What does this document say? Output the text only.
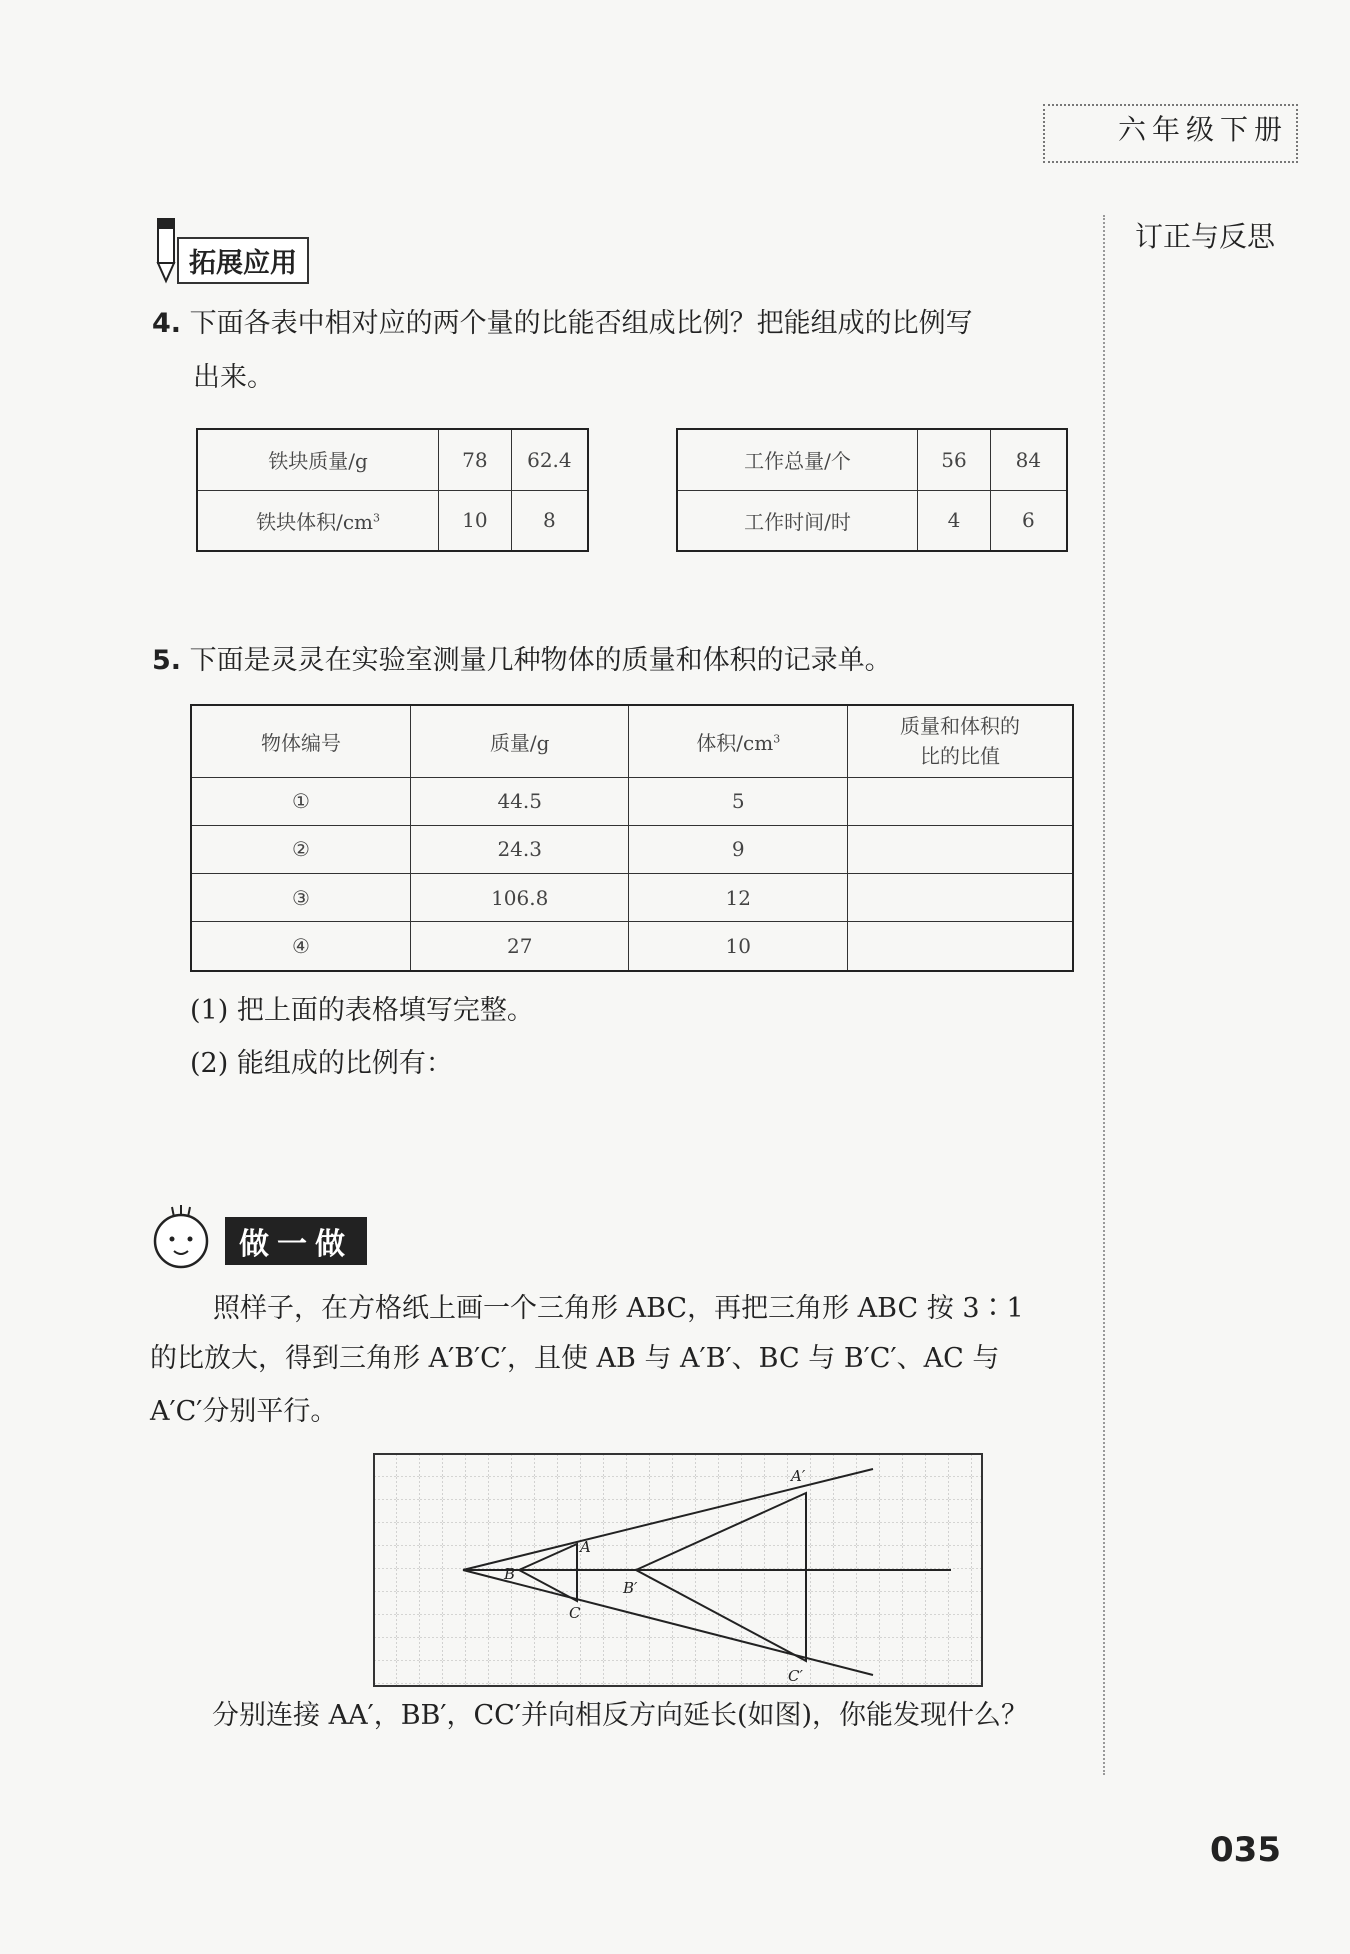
六年级下册
订正与反思
拓展应用
4. 下面各表中相对应的两个量的比能否组成比例？把能组成的比例写
出来。
铁块质量/g	78	62.4
铁块体积$/cm^3$	10	8
工作总量/个	56	84
工作时间/时	4	6
5. 下面是灵灵在实验室测量几种物体的质量和体积的记录单。
物体编号	质量/g	体积$/cm^3$	质量和体积的
比的比值
①	44.5	5	
②	24.3	9	
③	106.8	12	
④	27	10	
(1) 把上面的表格填写完整。
(2) 能组成的比例有：
做一做
照样子，在方格纸上画一个三角形 ABC，再把三角形 ABC 按 3∶1
的比放大，得到三角形 A′B′C′，且使 AB 与 A′B′、BC 与 B′C′、AC 与
A′C′分别平行。
A
B
C
A′
B′
C′
分别连接 AA′，BB′，CC′并向相反方向延长(如图)，你能发现什么？
035
